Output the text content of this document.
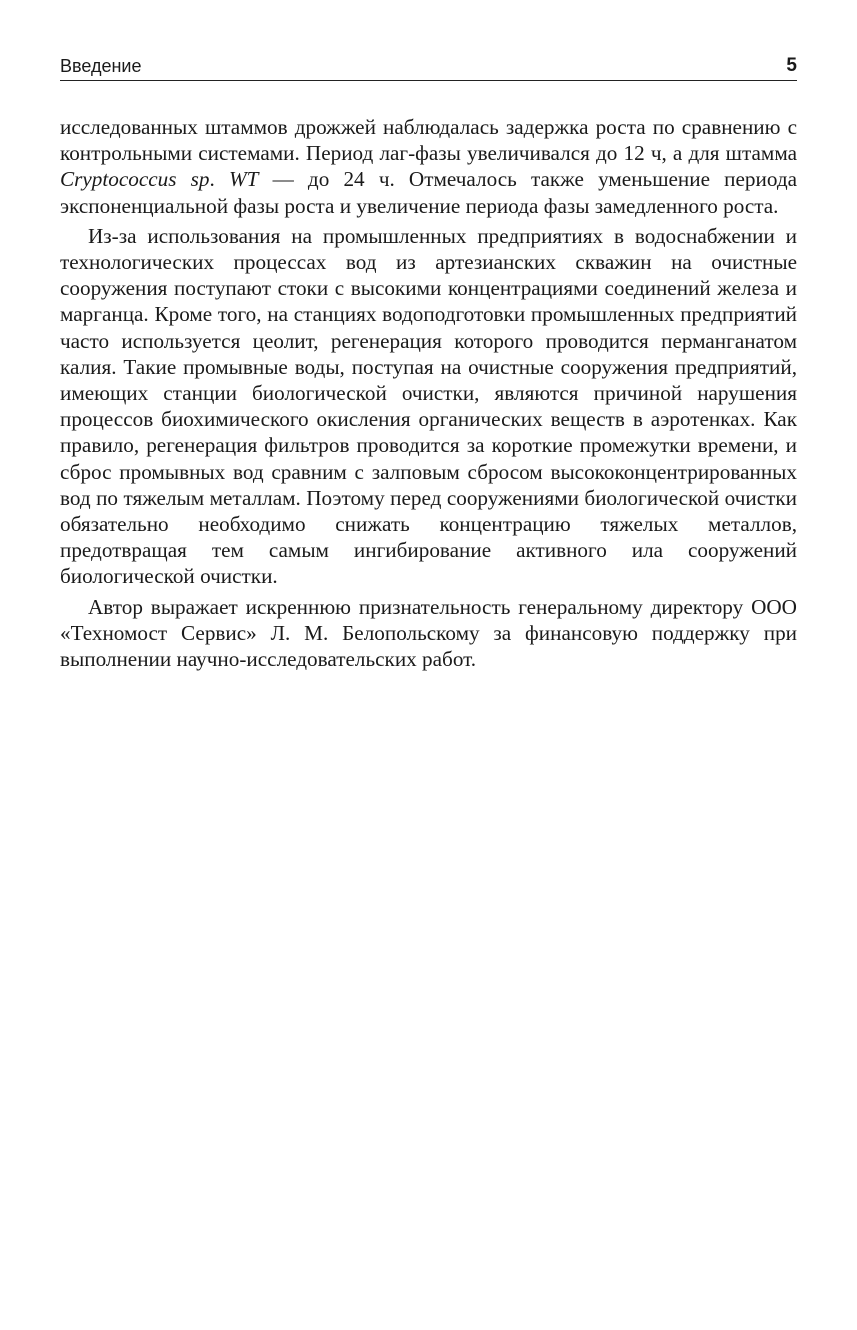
Введение	5

исследованных штаммов дрожжей наблюдалась задержка роста по сравнению с контрольными системами. Период лаг-фазы увеличивался до 12 ч, а для штамма Cryptococcus sp. WT — до 24 ч. Отмечалось также уменьшение периода экспоненциальной фазы роста и увеличение периода фазы замедленного роста.

Из-за использования на промышленных предприятиях в водоснабжении и технологических процессах вод из артезианских скважин на очистные сооружения поступают стоки с высокими концентрациями соединений железа и марганца. Кроме того, на станциях водоподготовки промышленных предприятий часто используется цеолит, регенерация которого проводится перманганатом калия. Такие промывные воды, поступая на очистные сооружения предприятий, имеющих станции биологической очистки, являются причиной нарушения процессов биохимического окисления органических веществ в аэротенках. Как правило, регенерация фильтров проводится за короткие промежутки времени, и сброс промывных вод сравним с залповым сбросом высококонцентрированных вод по тяжелым металлам. Поэтому перед сооружениями биологической очистки обязательно необходимо снижать концентрацию тяжелых металлов, предотвращая тем самым ингибирование активного ила сооружений биологической очистки.

Автор выражает искреннюю признательность генеральному директору ООО «Техномост Сервис» Л. М. Белопольскому за финансовую поддержку при выполнении научно-исследовательских работ.
